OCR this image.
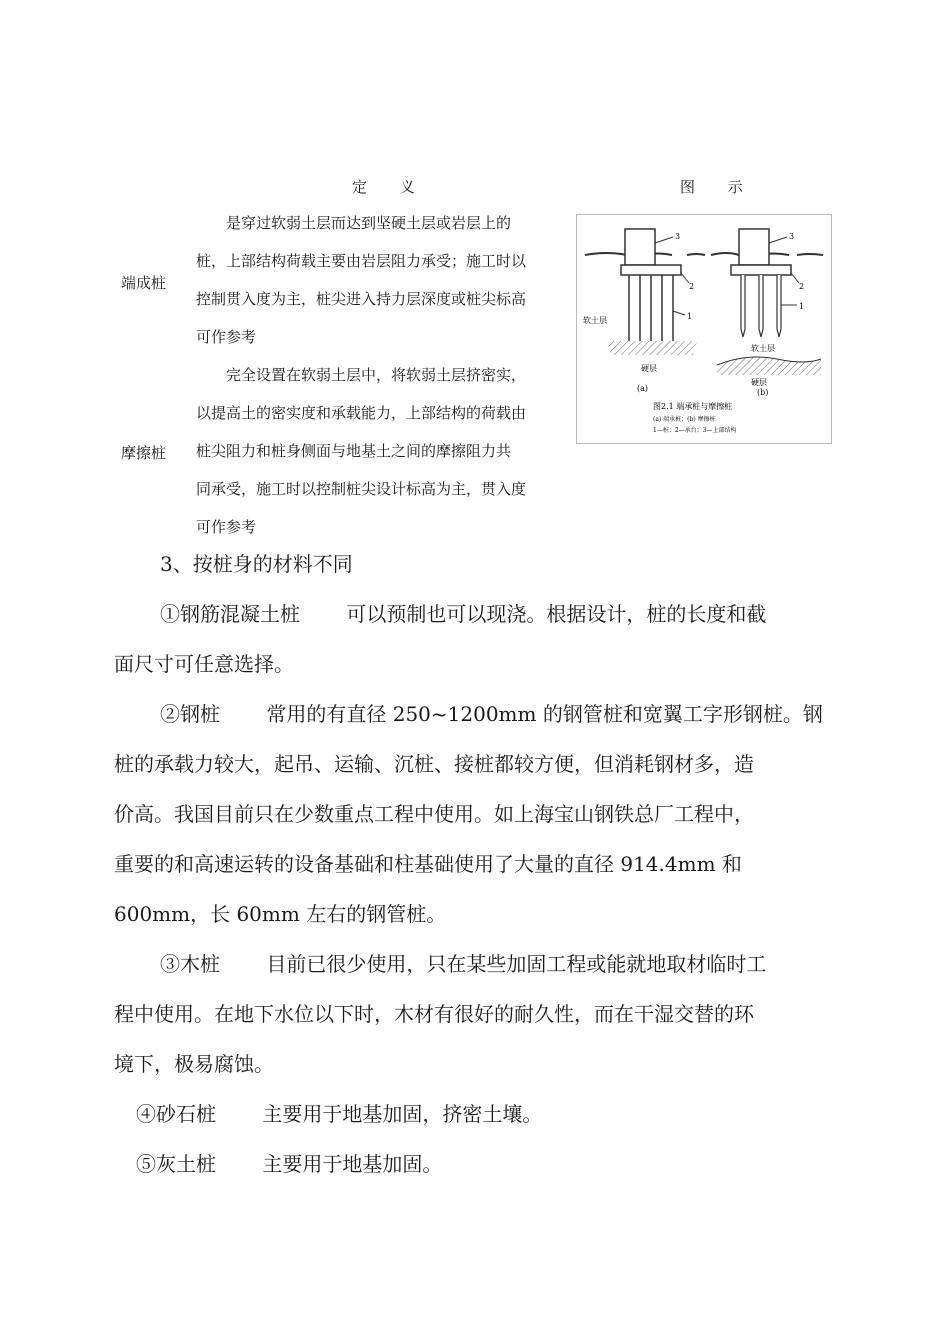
定 义	图 示
端成桩
是穿过软弱土层而达到坚硬土层或岩层上的
桩，上部结构荷载主要由岩层阻力承受；施工时以
控制贯入度为主，桩尖进入持力层深度或桩尖标高
可作参考
摩擦桩
完全设置在软弱土层中，将软弱土层挤密实，
以提高土的密实度和承载能力，上部结构的荷载由
桩尖阻力和桩身侧面与地基土之间的摩擦阻力共
同承受，施工时以控制桩尖设计标高为主，贯入度
可作参考
3
2
1
软土层
硬层
(a)
3
2
1
软土层
硬层
(b)
图2.1 端承桩与摩擦桩
(a) 端承桩；(b) 摩擦桩
1—桩；2—承台；3—上部结构
3、按桩身的材料不同
①钢筋混凝土桩　　 可以预制也可以现浇。根据设计，桩的长度和截
面尺寸可任意选择。
②钢桩　　 常用的有直径 250~1200mm 的钢管桩和宽翼工字形钢桩。钢
桩的承载力较大，起吊、运输、沉桩、接桩都较方便，但消耗钢材多，造
价高。我国目前只在少数重点工程中使用。如上海宝山钢铁总厂工程中，
重要的和高速运转的设备基础和柱基础使用了大量的直径 914.4mm 和
600mm，长 60mm 左右的钢管桩。
③木桩　　 目前已很少使用，只在某些加固工程或能就地取材临时工
程中使用。在地下水位以下时，木材有很好的耐久性，而在干湿交替的环
境下，极易腐蚀。
④砂石桩　　 主要用于地基加固，挤密土壤。
⑤灰土桩　　 主要用于地基加固。
